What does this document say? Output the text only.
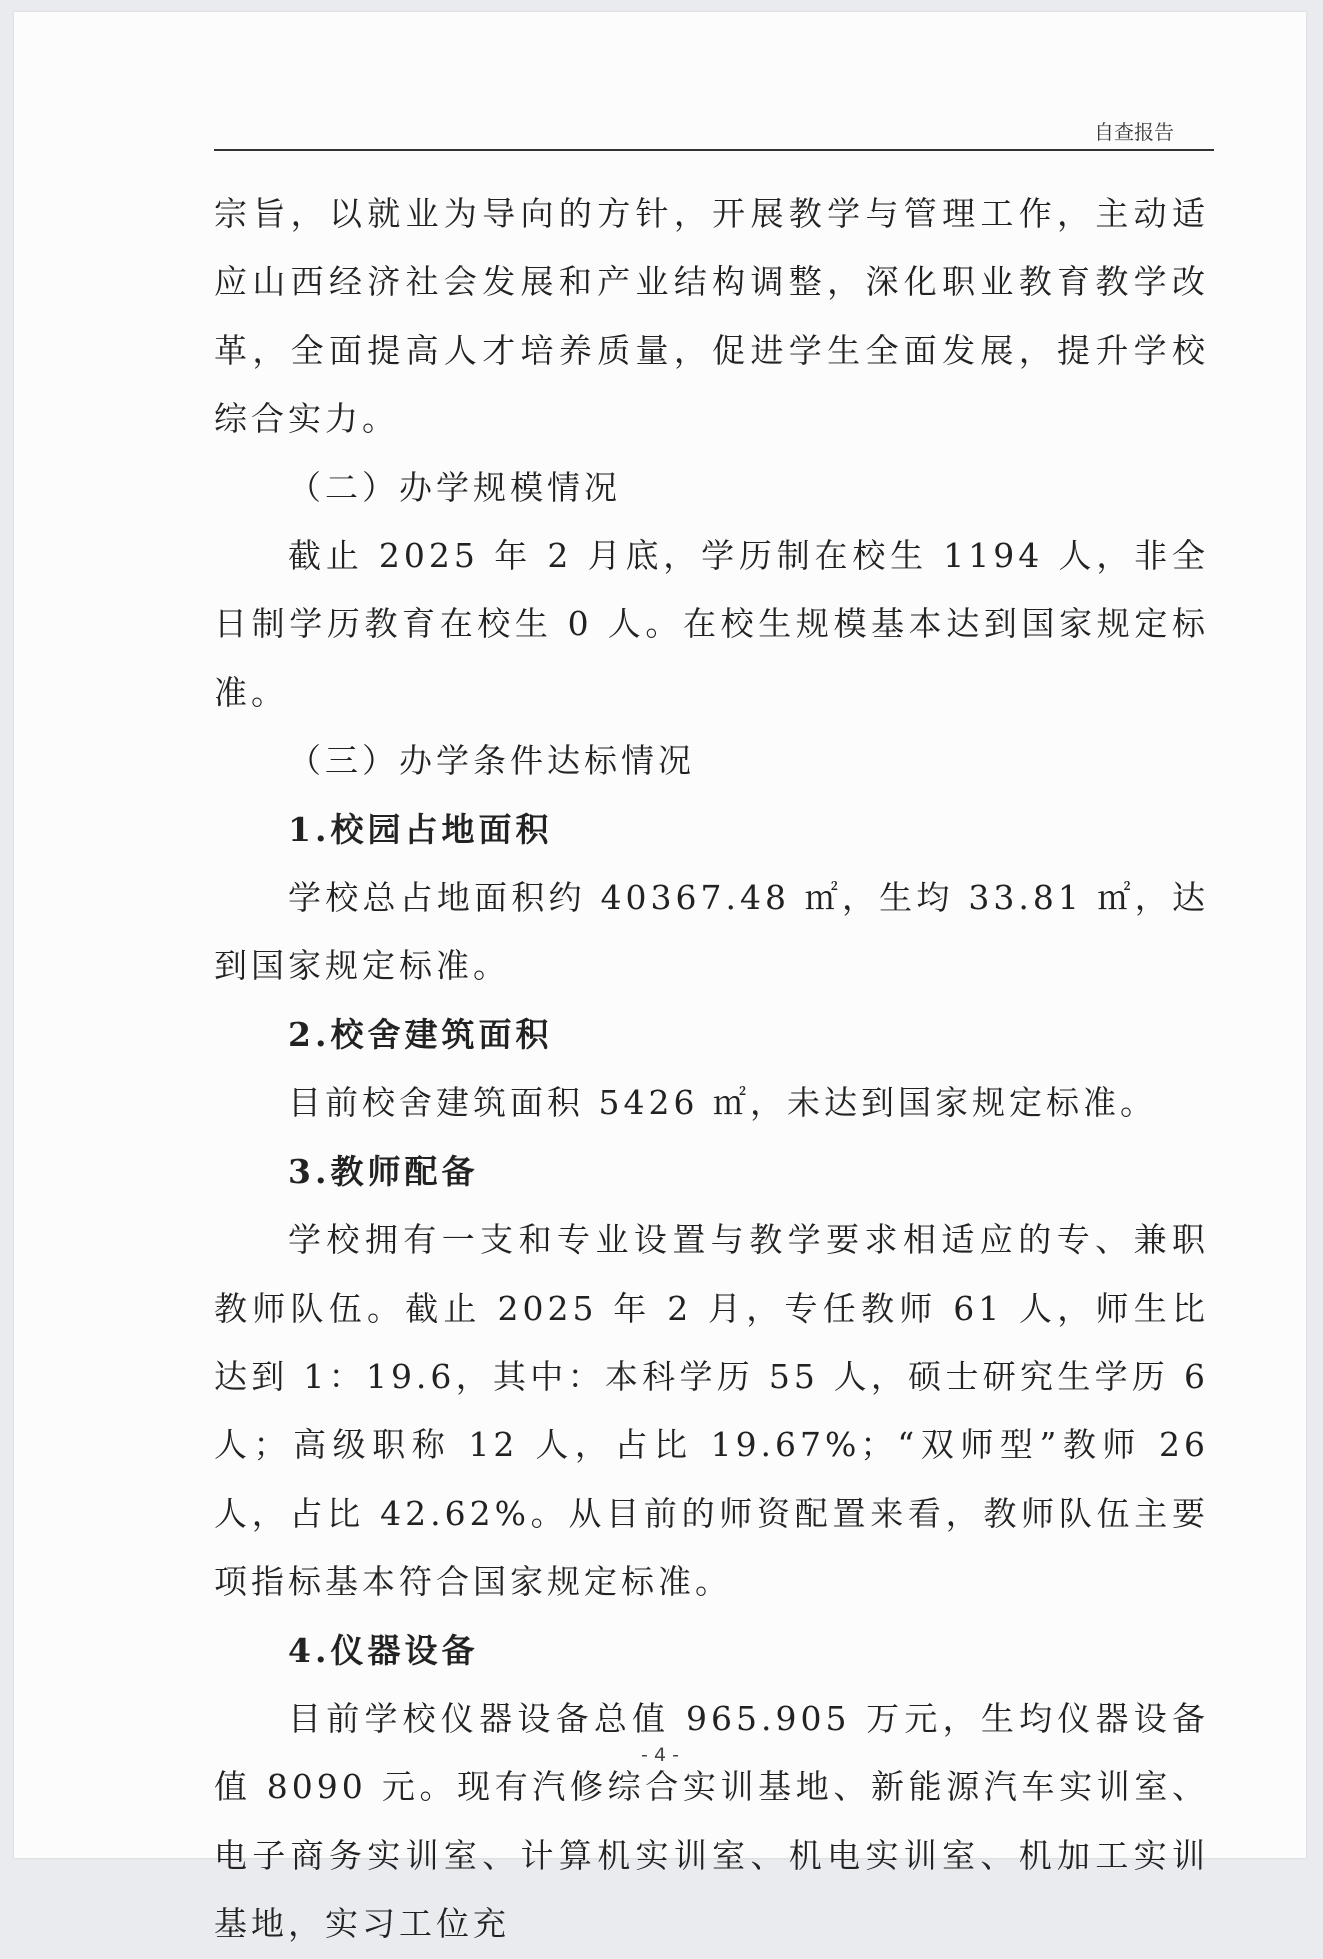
自查报告

宗旨，以就业为导向的方针，开展教学与管理工作，主动适应山西经济社会发展和产业结构调整，深化职业教育教学改革，全面提高人才培养质量，促进学生全面发展，提升学校综合实力。

（二）办学规模情况

截止 2025 年 2 月底，学历制在校生 1194 人，非全日制学历教育在校生 0 人。在校生规模基本达到国家规定标准。

（三）办学条件达标情况

1.校园占地面积

学校总占地面积约 40367.48 ㎡，生均 33.81 ㎡，达到国家规定标准。

2.校舍建筑面积

目前校舍建筑面积 5426 ㎡，未达到国家规定标准。

3.教师配备

学校拥有一支和专业设置与教学要求相适应的专、兼职教师队伍。截止 2025 年 2 月，专任教师 61 人，师生比达到 1：19.6，其中：本科学历 55 人，硕士研究生学历 6 人；高级职称 12 人，占比 19.67%；“双师型”教师 26 人，占比 42.62%。从目前的师资配置来看，教师队伍主要项指标基本符合国家规定标准。

4.仪器设备

目前学校仪器设备总值 965.905 万元，生均仪器设备值 8090 元。现有汽修综合实训基地、新能源汽车实训室、电子商务实训室、计算机实训室、机电实训室、机加工实训基地，实习工位充

- 4 -
